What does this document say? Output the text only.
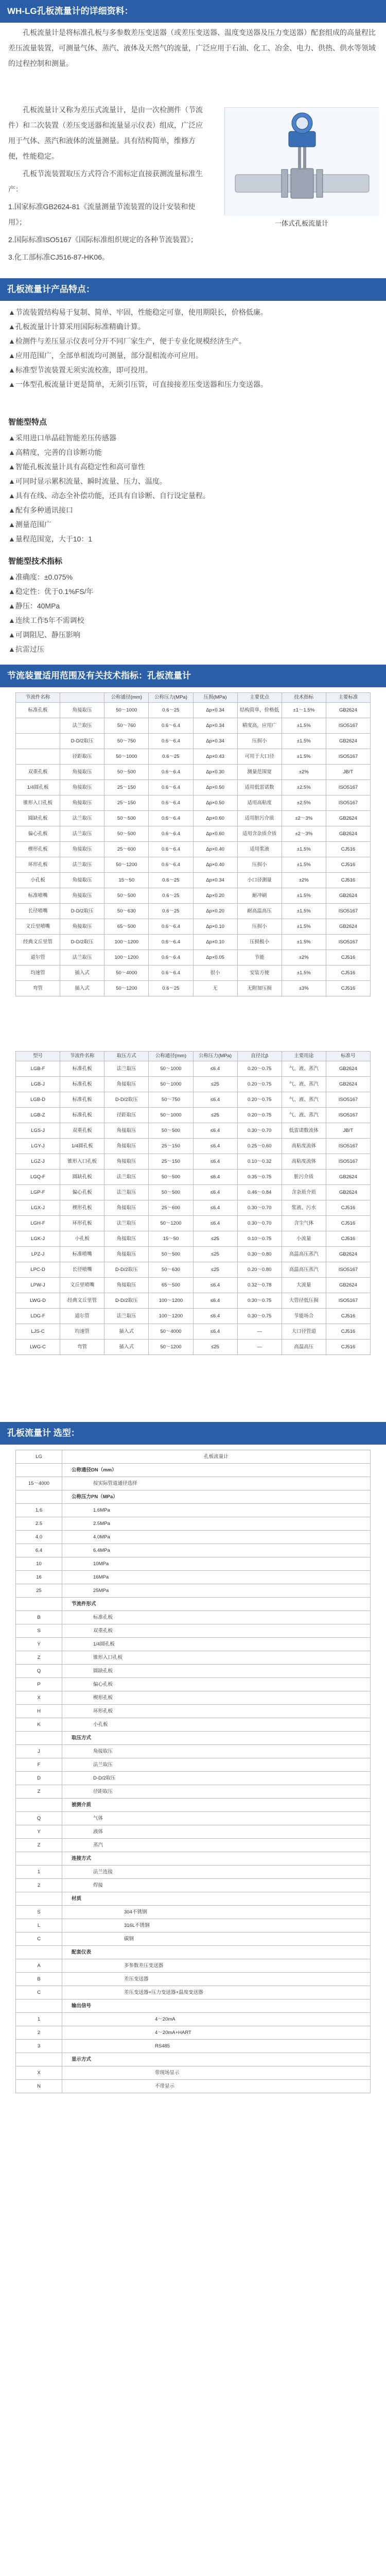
WH-LG孔板流量计的详细资料：

孔板流量计是将标准孔板与多参数差压变送器（或差压变送器、温度变送器及压力变送器）配套组成的高量程比差压流量装置，可测量气体、蒸汽、液体及天然气的流量，广泛应用于石油、化工、冶金、电力、供热、供水等领域的过程控制和测量。

孔板流量计又称为差压式流量计，是由一次检测件（节流件）和二次装置（差压变送器和流量显示仪表）组成，广泛应用于气体、蒸汽和液体的流量测量。具有结构简单，维修方便，性能稳定。

孔板节流装置取压方式符合不需标定直接获测流量标准生产：

1.国家标准GB2624-81《流量测量节流装置的设计安装和使用》；

2.国际标准ISO5167《国际标准组织规定的各种节流装置》；

3.化工部标准CJ516-87-HK06。

一体式孔板流量计
孔板流量计产品特点：
▲节流装置结构易于复制、简单、牢固，性能稳定可靠，使用期限长，价格低廉。
▲孔板流量计计算采用国际标准精确计算。
▲检测件与差压显示仪表可分开不同厂家生产，便于专业化规模经济生产。
▲应用范围广，全部单相流均可测量，部分混相流亦可应用。
▲标准型节流装置无须实流校准，即可投用。
▲一体型孔板流量计更是简单，无须引压管，可直接接差压变送器和压力变送器。
智能型特点
▲采用进口单晶硅智能差压传感器
▲高精度，完善的自诊断功能
▲智能孔板流量计具有高稳定性和高可靠性
▲可同时显示累积流量、瞬时流量、压力、温度。
▲具有在线、动态全补偿功能，还具有自诊断、自行设定量程。
▲配有多种通讯接口
▲测量范围广
▲量程范围宽，大于10：1
智能型技术指标
▲准确度：±0.075%
▲稳定性：优于0.1%FS/年
▲静压：40MPa
▲连续工作5年不需调校
▲可调阻尼、静压影响
▲抗雷过压
节流装置适用范围及有关技术指标：孔板流量计
节流件名称		公称通径(mm)	公称压力(MPa)	压损(MPa)	主要优点	技术指标	主要标准
标准孔板	角接取压	50～1000	0.6～25	Δp×0.34	结构简单，价格低	±1～1.5%	GB2624
	法兰取压	50～760	0.6～6.4	Δp×0.34	精度高，应用广	±1.5%	ISO5167
	D-D/2取压	50～750	0.6～6.4	Δp×0.34	压损小	±1.5%	GB2624
	径距取压	50～1000	0.6～25	Δp×0.43	可用于大口径	±1.5%	ISO5167
双重孔板	角接取压	50～500	0.6～6.4	Δp×0.30	测量范围宽	±2%	JB/T
1/4圆孔板	角接取压	25～150	0.6～6.4	Δp×0.50	适用低雷诺数	±2.5%	ISO5167
锥形入口孔板	角接取压	25～150	0.6～6.4	Δp×0.50	适用高粘度	±2.5%	ISO5167
圆缺孔板	法兰取压	50～500	0.6～6.4	Δp×0.60	适用脏污介质	±2～3%	GB2624
偏心孔板	法兰取压	50～500	0.6～6.4	Δp×0.60	适用含杂质介质	±2～3%	GB2624
楔形孔板	角接取压	25～600	0.6～6.4	Δp×0.40	适用浆液	±1.5%	CJ516
环形孔板	法兰取压	50～1200	0.6～6.4	Δp×0.40	压损小	±1.5%	CJ516
小孔板	角接取压	15～50	0.6～25	Δp×0.34	小口径测量	±2%	CJ516
标准喷嘴	角接取压	50～500	0.6～25	Δp×0.20	耐冲刷	±1.5%	GB2624
长径喷嘴	D-D/2取压	50～630	0.6～25	Δp×0.20	耐高温高压	±1.5%	ISO5167
文丘里喷嘴	角接取压	65～500	0.6～6.4	Δp×0.10	压损小	±1.5%	GB2624
经典文丘里管	D-D/2取压	100～1200	0.6～6.4	Δp×0.10	压损极小	±1.5%	ISO5167
道尔管	法兰取压	100～1200	0.6～6.4	Δp×0.05	节能	±2%	CJ516
均速管	插入式	50～4000	0.6～6.4	很小	安装方便	±1.5%	CJ516
弯管	插入式	50～1200	0.6～25	无	无附加压损	±3%	CJ516
型号	节流件名称	取压方式	公称通径(mm)	公称压力(MPa)	直径比β	主要用途	标准号
LGB-F	标准孔板	法兰取压	50～1000	≤6.4	0.20～0.75	气、液、蒸汽	GB2624
LGB-J	标准孔板	角接取压	50～1000	≤25	0.20～0.75	气、液、蒸汽	GB2624
LGB-D	标准孔板	D-D/2取压	50～750	≤6.4	0.20～0.75	气、液、蒸汽	ISO5167
LGB-Z	标准孔板	径距取压	50～1000	≤25	0.20～0.75	气、液、蒸汽	ISO5167
LGS-J	双重孔板	角接取压	50～500	≤6.4	0.30～0.70	低雷诺数流体	JB/T
LGY-J	1/4圆孔板	角接取压	25～150	≤6.4	0.25～0.60	高粘度流体	ISO5167
LGZ-J	锥形入口孔板	角接取压	25～150	≤6.4	0.10～0.32	高粘度流体	ISO5167
LGQ-F	圆缺孔板	法兰取压	50～500	≤6.4	0.35～0.75	脏污介质	GB2624
LGP-F	偏心孔板	法兰取压	50～500	≤6.4	0.46～0.84	含杂质介质	GB2624
LGX-J	楔形孔板	角接取压	25～600	≤6.4	0.30～0.70	浆液、污水	CJ516
LGH-F	环形孔板	法兰取压	50～1200	≤6.4	0.30～0.70	含尘气体	CJ516
LGK-J	小孔板	角接取压	15～50	≤25	0.10～0.75	小流量	CJ516
LPZ-J	标准喷嘴	角接取压	50～500	≤25	0.30～0.80	高温高压蒸汽	GB2624
LPC-D	长径喷嘴	D-D/2取压	50～630	≤25	0.20～0.80	高温高压蒸汽	ISO5167
LPW-J	文丘里喷嘴	角接取压	65～500	≤6.4	0.32～0.78	大流量	GB2624
LWG-D	经典文丘里管	D-D/2取压	100～1200	≤6.4	0.30～0.75	大管径低压损	ISO5167
LDG-F	道尔管	法兰取压	100～1200	≤6.4	0.30～0.75	节能场合	CJ516
LJS-C	均速管	插入式	50～4000	≤6.4	—	大口径管道	CJ516
LWG-C	弯管	插入式	50～1200	≤25	—	高温高压	CJ516
孔板流量计 选型：
LG	孔板流量计
	公称通径DN（mm）
15～4000	按实际管道通径选择
	公称压力PN（MPa）
1.6	1.6MPa
2.5	2.5MPa
4.0	4.0MPa
6.4	6.4MPa
10	10MPa
16	16MPa
25	25MPa
	节流件形式
B	标准孔板
S	双重孔板
Y	1/4圆孔板
Z	锥形入口孔板
Q	圆缺孔板
P	偏心孔板
X	楔形孔板
H	环形孔板
K	小孔板
	取压方式
J	角接取压
F	法兰取压
D	D-D/2取压
Z	径距取压
	被测介质
Q	气体
Y	液体
Z	蒸汽
	连接方式
1	法兰连接
2	焊接
	材质
S	304不锈钢
L	316L不锈钢
C	碳钢
	配套仪表
A	多参数差压变送器
B	差压变送器
C	差压变送器+压力变送器+温度变送器
	输出信号
1	4～20mA
2	4～20mA+HART
3	RS485
	显示方式
X	带现场显示
N	不带显示
